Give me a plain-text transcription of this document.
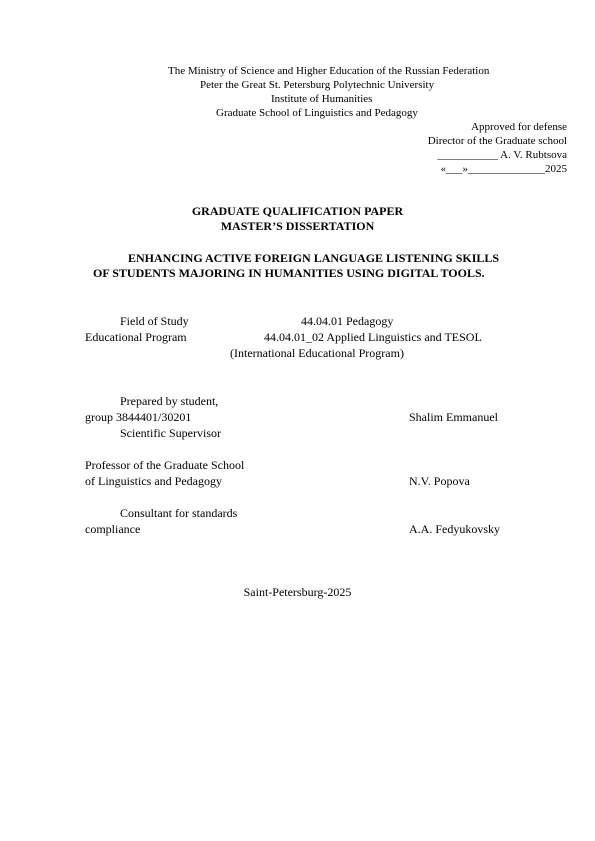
The Ministry of Science and Higher Education of the Russian Federation
Peter the Great St. Petersburg Polytechnic University
Institute of Humanities
Graduate School of Linguistics and Pedagogy
Approved for defense
Director of the Graduate school
___________ A. V. Rubtsova
«___»______________2025
GRADUATE QUALIFICATION PAPER
MASTER’S DISSERTATION
ENHANCING ACTIVE FOREIGN LANGUAGE LISTENING SKILLS
OF STUDENTS MAJORING IN HUMANITIES USING DIGITAL TOOLS.
Field of Study	44.04.01 Pedagogy
Educational Program	44.04.01_02 Applied Linguistics and TESOL
(International Educational Program)
Prepared by student,
group 3844401/30201	Shalim Emmanuel
Scientific Supervisor
Professor of the Graduate School
of Linguistics and Pedagogy	N.V. Popova
Consultant for standards
compliance	A.A. Fedyukovsky
Saint-Petersburg-2025
